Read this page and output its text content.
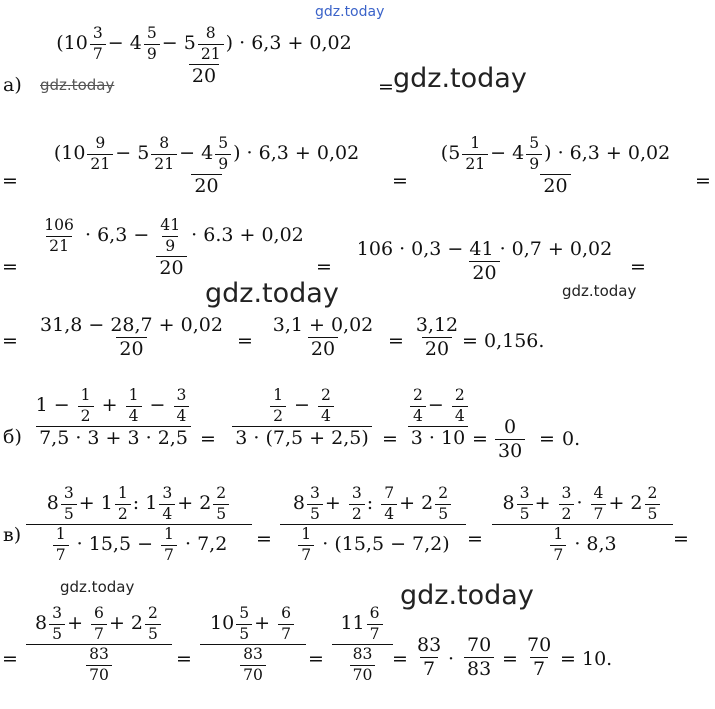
gdz.today
$а) \frac{(10 \frac{3}{7} - 4 \frac{5}{9} - 5 \frac{8}{21} ) \cdot 6,3 + 0,02}{20}$
=
gdz.today	gdz.today
= $\frac{(10 \frac{9}{21} - 5 \frac{8}{21} - 4 \frac{5}{9} ) \cdot 6,3 + 0,02}{20} = \frac{(5 \frac{1}{21} - 4 \frac{5}{9} ) \cdot 6,3 + 0,02}{20}$ =
= $\frac{\frac{106}{21} \cdot 6,3 - \frac{41}{9} \cdot 6.3 + 0,02}{20} = \frac{106 \cdot 0,3 - 41 \cdot 0,7 + 0,02}{20}$ =
gdz.today	gdz.today
= $\frac{31,8 - 28,7 + 0,02}{20} = \frac{3,1 + 0,02}{20} = \frac{3,12}{20}$
= 0,156.
$б) \frac{1 - \frac{1}{2} + \frac{1}{4} - \frac{3}{4}}{7,5 \cdot 3 + 3 \cdot 2,5} = \frac{\frac{1}{2} - \frac{2}{4}}{3 \cdot (7,5 + 2,5)} = \frac{\frac{2}{4} - \frac{2}{4}}{3 \cdot 10} = \frac{0}{30} = 0$.
$в) \frac{8 \frac{3}{5} + 1 \frac{1}{2} : 1 \frac{3}{4} + 2 \frac{2}{5}}{\frac{1}{7} \cdot 15,5 - \frac{1}{7} \cdot 7,2} = \frac{8 \frac{3}{5} + \frac{3}{2} : \frac{7}{4} + 2 \frac{2}{5}}{\frac{1}{7} \cdot (15,5 - 7,2)} = \frac{8 \frac{3}{5} + \frac{3}{2} \cdot \frac{4}{7} + 2 \frac{2}{5}}{\frac{1}{7} \cdot 8,3}$ =
gdz.today	gdz.today
= $\frac{8 \frac{3}{5} + \frac{6}{7} + 2 \frac{2}{5}}{\frac{83}{70}} = \frac{10 \frac{5}{5} + \frac{6}{7}}{\frac{83}{70}} = \frac{11 \frac{6}{7}}{\frac{83}{70}} = \frac{83}{7} \cdot \frac{70}{83} = \frac{70}{7} = 10$.
